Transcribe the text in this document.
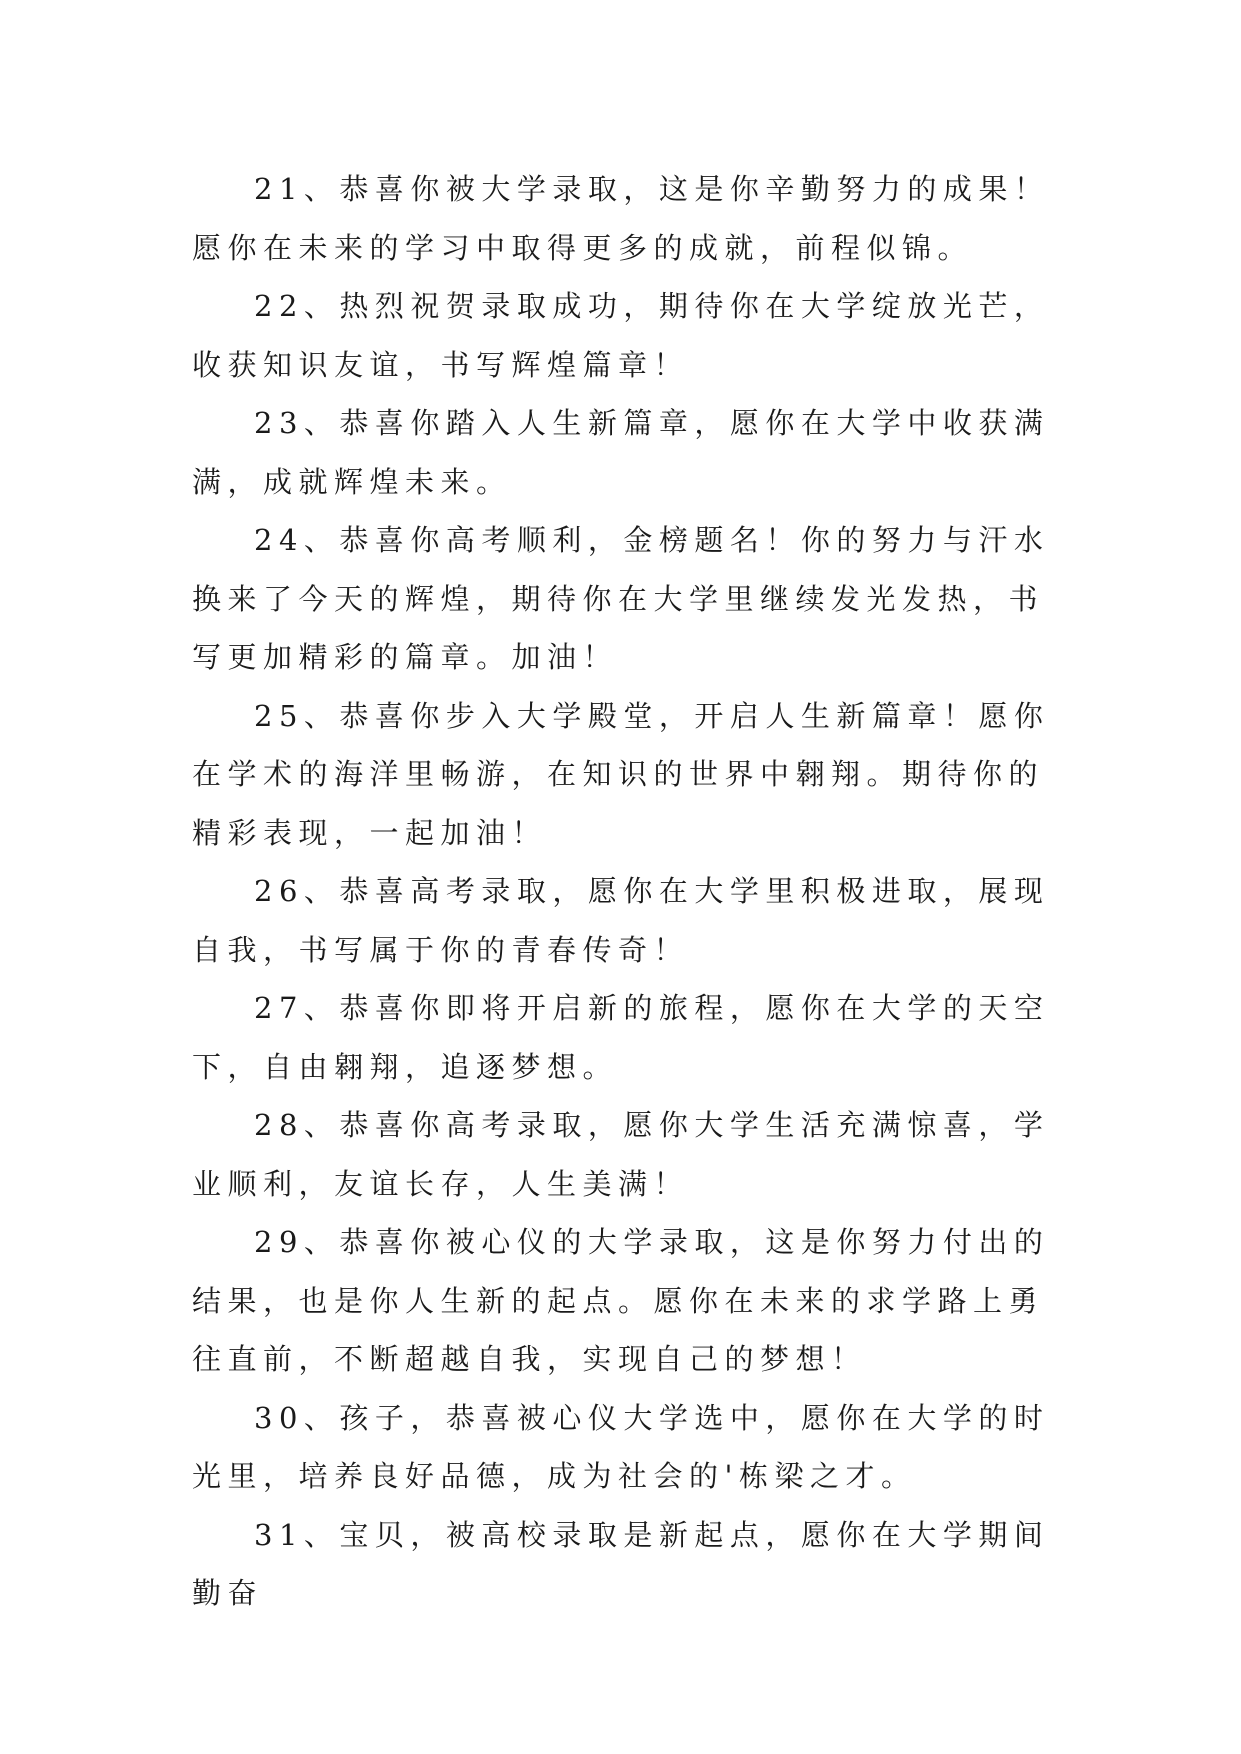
21、恭喜你被大学录取，这是你辛勤努力的成果！愿你在未来的学习中取得更多的成就，前程似锦。

22、热烈祝贺录取成功，期待你在大学绽放光芒，收获知识友谊，书写辉煌篇章！

23、恭喜你踏入人生新篇章，愿你在大学中收获满满，成就辉煌未来。

24、恭喜你高考顺利，金榜题名！你的努力与汗水换来了今天的辉煌，期待你在大学里继续发光发热，书写更加精彩的篇章。加油！

25、恭喜你步入大学殿堂，开启人生新篇章！愿你在学术的海洋里畅游，在知识的世界中翱翔。期待你的精彩表现，一起加油！

26、恭喜高考录取，愿你在大学里积极进取，展现自我，书写属于你的青春传奇！

27、恭喜你即将开启新的旅程，愿你在大学的天空下，自由翱翔，追逐梦想。

28、恭喜你高考录取，愿你大学生活充满惊喜，学业顺利，友谊长存，人生美满！

29、恭喜你被心仪的大学录取，这是你努力付出的结果，也是你人生新的起点。愿你在未来的求学路上勇往直前，不断超越自我，实现自己的梦想！

30、孩子，恭喜被心仪大学选中，愿你在大学的时光里，培养良好品德，成为社会的'栋梁之才。

31、宝贝，被高校录取是新起点，愿你在大学期间勤奋
